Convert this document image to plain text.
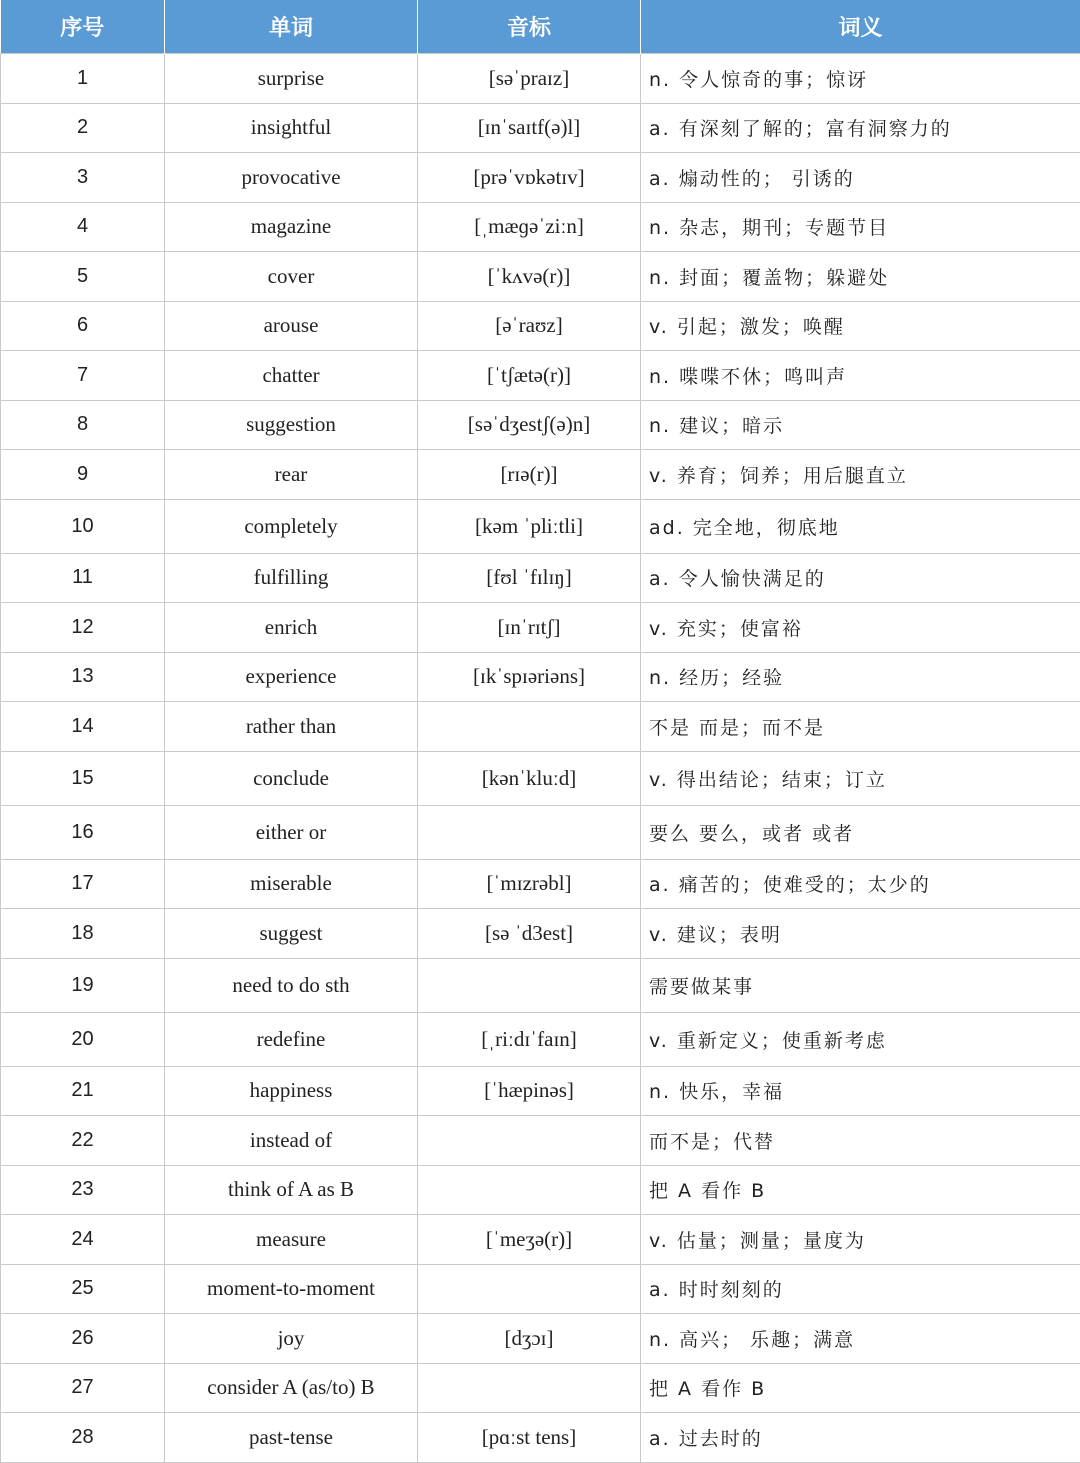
序号	单词	音标	词义
1	surprise	[səˈpraɪz]	n. 令人惊奇的事；惊讶
2	insightful	[ɪnˈsaɪtf(ə)l]	a. 有深刻了解的；富有洞察力的
3	provocative	[prəˈvɒkətɪv]	a. 煽动性的； 引诱的
4	magazine	[ˌmæɡəˈziːn]	n. 杂志，期刊；专题节目
5	cover	[ˈkʌvə(r)]	n. 封面；覆盖物；躲避处
6	arouse	[əˈraʊz]	v. 引起；激发；唤醒
7	chatter	[ˈtʃætə(r)]	n. 喋喋不休；鸣叫声
8	suggestion	[səˈdʒestʃ(ə)n]	n. 建议；暗示
9	rear	[rɪə(r)]	v. 养育；饲养；用后腿直立
10	completely	[kəm ˈpliːtli]	ad. 完全地，彻底地
11	fulfilling	[fʊl ˈfɪlɪŋ]	a. 令人愉快满足的
12	enrich	[ɪnˈrɪtʃ]	v. 充实；使富裕
13	experience	[ɪkˈspɪəriəns]	n. 经历；经验
14	rather than		不是 而是；而不是
15	conclude	[kənˈkluːd]	v. 得出结论；结束；订立
16	either or		要么 要么，或者 或者
17	miserable	[ˈmɪzrəbl]	a. 痛苦的；使难受的；太少的
18	suggest	[sə ˈd3est]	v. 建议；表明
19	need to do sth		需要做某事
20	redefine	[ˌriːdɪˈfaɪn]	v. 重新定义；使重新考虑
21	happiness	[ˈhæpinəs]	n. 快乐，幸福
22	instead of		而不是；代替
23	think of A as B		把 A 看作 B
24	measure	[ˈmeʒə(r)]	v. 估量；测量；量度为
25	moment-to-moment		a. 时时刻刻的
26	joy	[dʒɔɪ]	n. 高兴； 乐趣；满意
27	consider A (as/to) B		把 A 看作 B
28	past-tense	[pɑːst tens]	a. 过去时的
